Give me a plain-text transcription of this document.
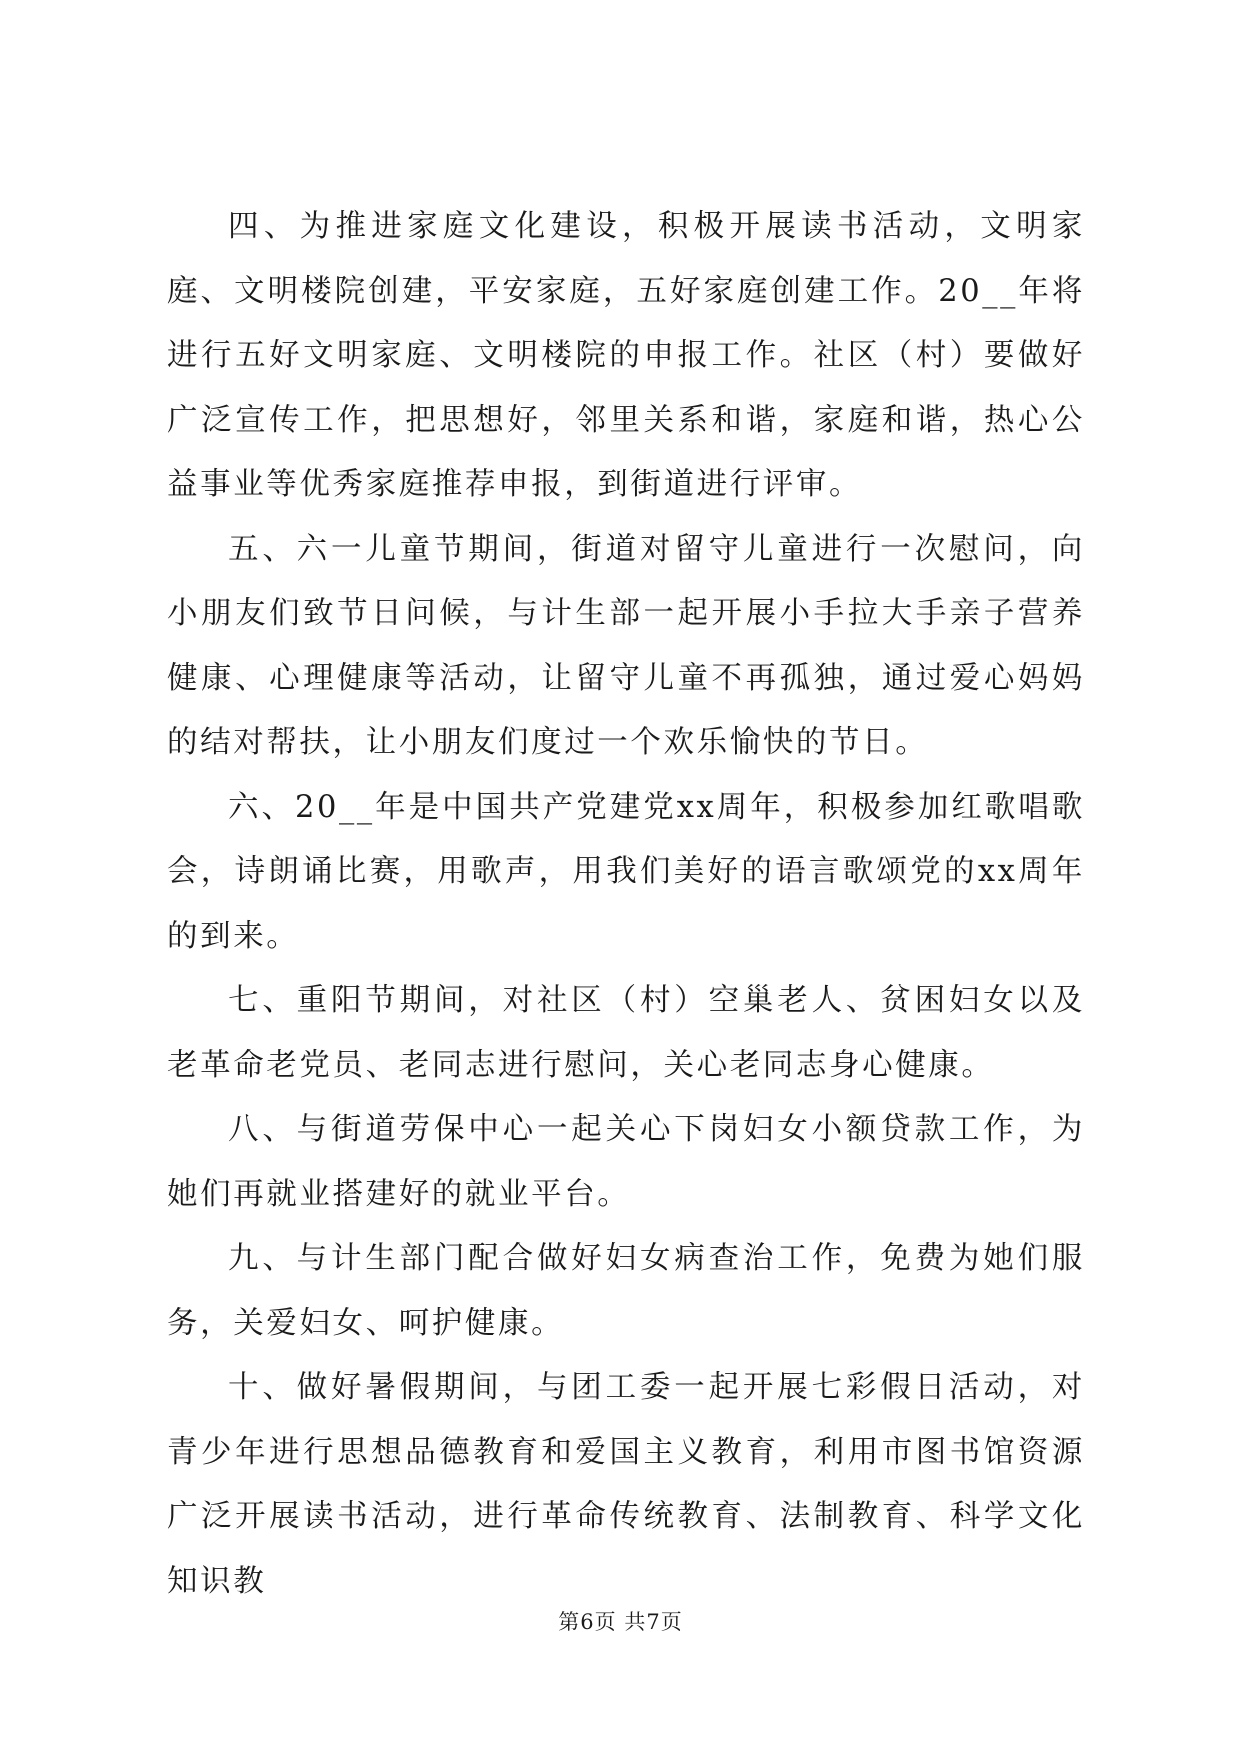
四、为推进家庭文化建设，积极开展读书活动，文明家庭、文明楼院创建，平安家庭，五好家庭创建工作。20__年将进行五好文明家庭、文明楼院的申报工作。社区（村）要做好广泛宣传工作，把思想好，邻里关系和谐，家庭和谐，热心公益事业等优秀家庭推荐申报，到街道进行评审。

五、六一儿童节期间，街道对留守儿童进行一次慰问，向小朋友们致节日问候，与计生部一起开展小手拉大手亲子营养健康、心理健康等活动，让留守儿童不再孤独，通过爱心妈妈的结对帮扶，让小朋友们度过一个欢乐愉快的节日。

六、20__年是中国共产党建党xx周年，积极参加红歌唱歌会，诗朗诵比赛，用歌声，用我们美好的语言歌颂党的xx周年的到来。

七、重阳节期间，对社区（村）空巢老人、贫困妇女以及老革命老党员、老同志进行慰问，关心老同志身心健康。

八、与街道劳保中心一起关心下岗妇女小额贷款工作，为她们再就业搭建好的就业平台。

九、与计生部门配合做好妇女病查治工作，免费为她们服务，关爱妇女、呵护健康。

十、做好暑假期间，与团工委一起开展七彩假日活动，对青少年进行思想品德教育和爱国主义教育，利用市图书馆资源广泛开展读书活动，进行革命传统教育、法制教育、科学文化知识教

第6页 共7页
